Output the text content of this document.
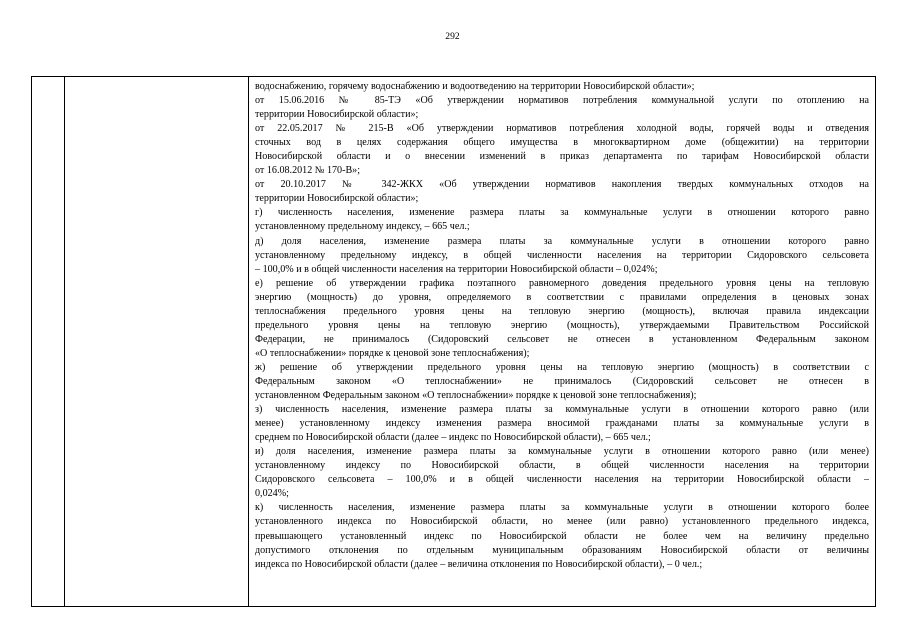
292
водоснабжению, горячему водоснабжению и водоотведению на территории Новосибирской области»;
от 15.06.2016 № 85-ТЭ «Об утверждении нормативов потребления коммунальной услуги по отоплению на
территории Новосибирской области»;
от 22.05.2017 № 215-В «Об утверждении нормативов потребления холодной воды, горячей воды и отведения
сточных вод в целях содержания общего имущества в многоквартирном доме (общежитии) на территории
Новосибирской области и о внесении изменений в приказ департамента по тарифам Новосибирской области
от 16.08.2012 № 170-В»;
от 20.10.2017 № 342-ЖКХ «Об утверждении нормативов накопления твердых коммунальных отходов на
территории Новосибирской области»;
г) численность населения, изменение размера платы за коммунальные услуги в отношении которого равно
установленному предельному индексу, – 665 чел.;
д) доля населения, изменение размера платы за коммунальные услуги в отношении которого равно
установленному предельному индексу, в общей численности населения на территории Сидоровского сельсовета
– 100,0% и в общей численности населения на территории Новосибирской области – 0,024%;
е) решение об утверждении графика поэтапного равномерного доведения предельного уровня цены на тепловую
энергию (мощность) до уровня, определяемого в соответствии с правилами определения в ценовых зонах
теплоснабжения предельного уровня цены на тепловую энергию (мощность), включая правила индексации
предельного уровня цены на тепловую энергию (мощность), утверждаемыми Правительством Российской
Федерации, не принималось (Сидоровский сельсовет не отнесен в установленном Федеральным законом
«О теплоснабжении» порядке к ценовой зоне теплоснабжения);
ж) решение об утверждении предельного уровня цены на тепловую энергию (мощность) в соответствии с
Федеральным законом «О теплоснабжении» не принималось (Сидоровский сельсовет не отнесен в
установленном Федеральным законом «О теплоснабжении» порядке к ценовой зоне теплоснабжения);
з) численность населения, изменение размера платы за коммунальные услуги в отношении которого равно (или
менее) установленному индексу изменения размера вносимой гражданами платы за коммунальные услуги в
среднем по Новосибирской области (далее – индекс по Новосибирской области), – 665 чел.;
и) доля населения, изменение размера платы за коммунальные услуги в отношении которого равно (или менее)
установленному индексу по Новосибирской области, в общей численности населения на территории
Сидоровского сельсовета – 100,0% и в общей численности населения на территории Новосибирской области –
0,024%;
к) численность населения, изменение размера платы за коммунальные услуги в отношении которого более
установленного индекса по Новосибирской области, но менее (или равно) установленного предельного индекса,
превышающего установленный индекс по Новосибирской области не более чем на величину предельно
допустимого отклонения по отдельным муниципальным образованиям Новосибирской области от величины
индекса по Новосибирской области (далее – величина отклонения по Новосибирской области), – 0 чел.;
